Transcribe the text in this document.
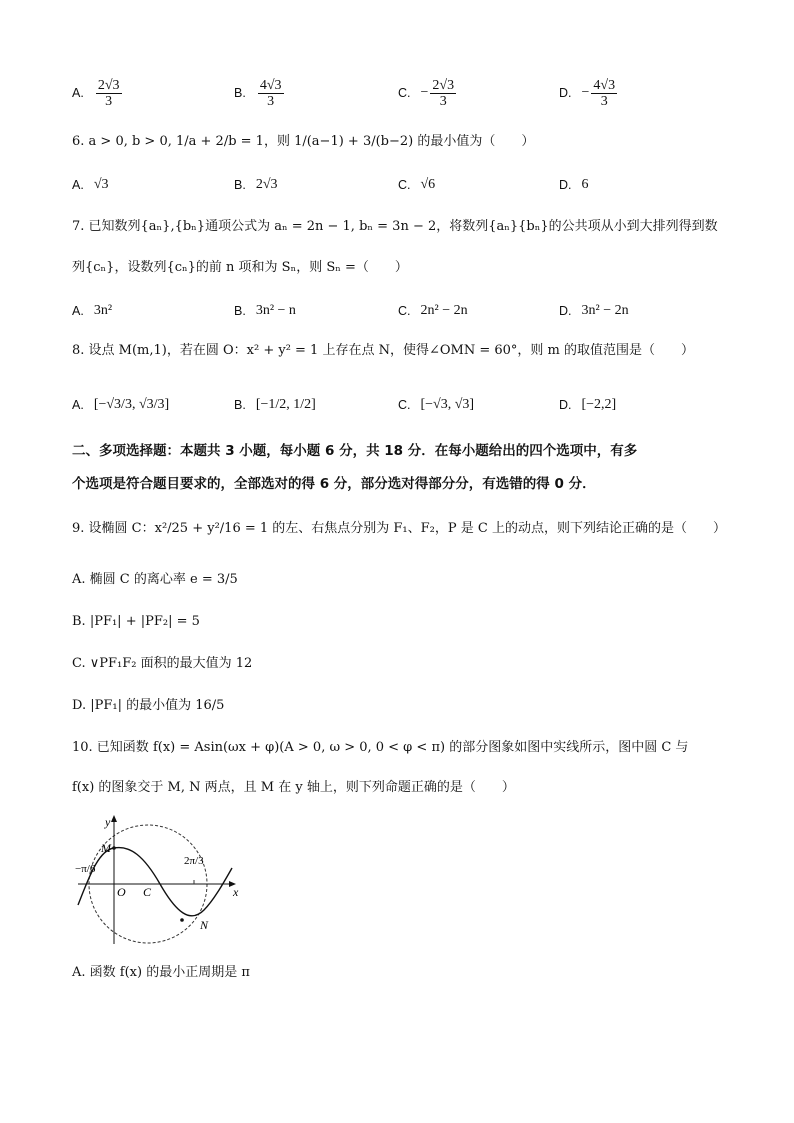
A. $\frac{2√3}{3}$	B. $\frac{4√3}{3}$	C. − $\frac{2√3}{3}$	D. − $\frac{4√3}{3}$
6. a > 0, b > 0, 1/a + 2/b = 1，则 1/(a−1) + 3/(b−2) 的最小值为（　　）
A. √3	B. 2√3	C. √6	D. 6
7. 已知数列{aₙ},{bₙ}通项公式为 aₙ = 2n − 1, bₙ = 3n − 2，将数列{aₙ}{bₙ}的公共项从小到大排列得到数
列{cₙ}，设数列{cₙ}的前 n 项和为 Sₙ，则 Sₙ =（　　）
A. 3n²	B. 3n² − n	C. 2n² − 2n	D. 3n² − 2n
8. 设点 M(m,1)，若在圆 O：x² + y² = 1 上存在点 N，使得∠OMN = 60°，则 m 的取值范围是（　　）
A. [−√3/3, √3/3]	B. [−1/2, 1/2]	C. [−√3, √3]	D. [−2,2]
二、多项选择题：本题共 3 小题，每小题 6 分，共 18 分．在每小题给出的四个选项中，有多
个选项是符合题目要求的，全部选对的得 6 分，部分选对得部分分，有选错的得 0 分．
9. 设椭圆 C：x²/25 + y²/16 = 1 的左、右焦点分别为 F₁、F₂，P 是 C 上的动点，则下列结论正确的是（　　）
A. 椭圆 C 的离心率 e = 3/5
B. |PF₁| + |PF₂| = 5
C. ∨PF₁F₂ 面积的最大值为 12
D. |PF₁| 的最小值为 16/5
10. 已知函数 f(x) = Asin(ωx + φ)(A > 0, ω > 0, 0 < φ < π) 的部分图象如图中实线所示，图中圆 C 与
f(x) 的图象交于 M, N 两点，且 M 在 y 轴上，则下列命题正确的是（　　）
y
x
M
N
O C
−π/6
2π/3
A. 函数 f(x) 的最小正周期是 π
